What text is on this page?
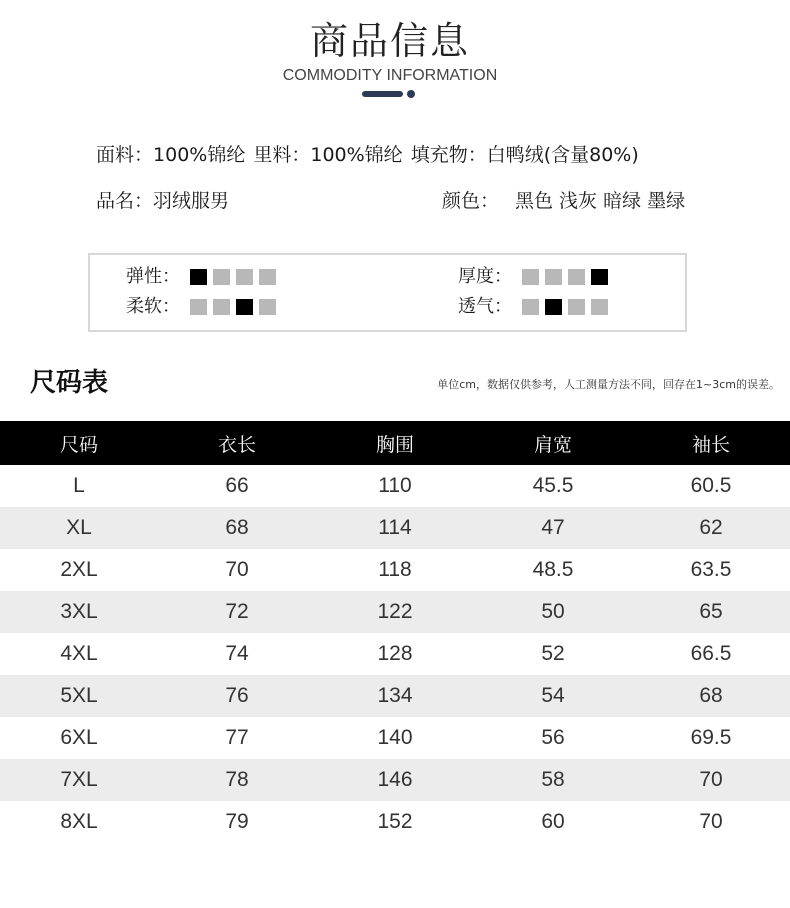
商品信息
COMMODITY INFORMATION
面料：100%锦纶 里料：100%锦纶 填充物：白鸭绒(含量80%)
品名：羽绒服男	颜色： 黑色 浅灰 暗绿 墨绿
弹性：	厚度：
柔软：	透气：
尺码表	单位cm，数据仅供参考，人工测量方法不同，回存在1~3cm的误差。
尺码	衣长	胸围	肩宽	袖长
L	66	110	45.5	60.5
XL	68	114	47	62
2XL	70	118	48.5	63.5
3XL	72	122	50	65
4XL	74	128	52	66.5
5XL	76	134	54	68
6XL	77	140	56	69.5
7XL	78	146	58	70
8XL	79	152	60	70
